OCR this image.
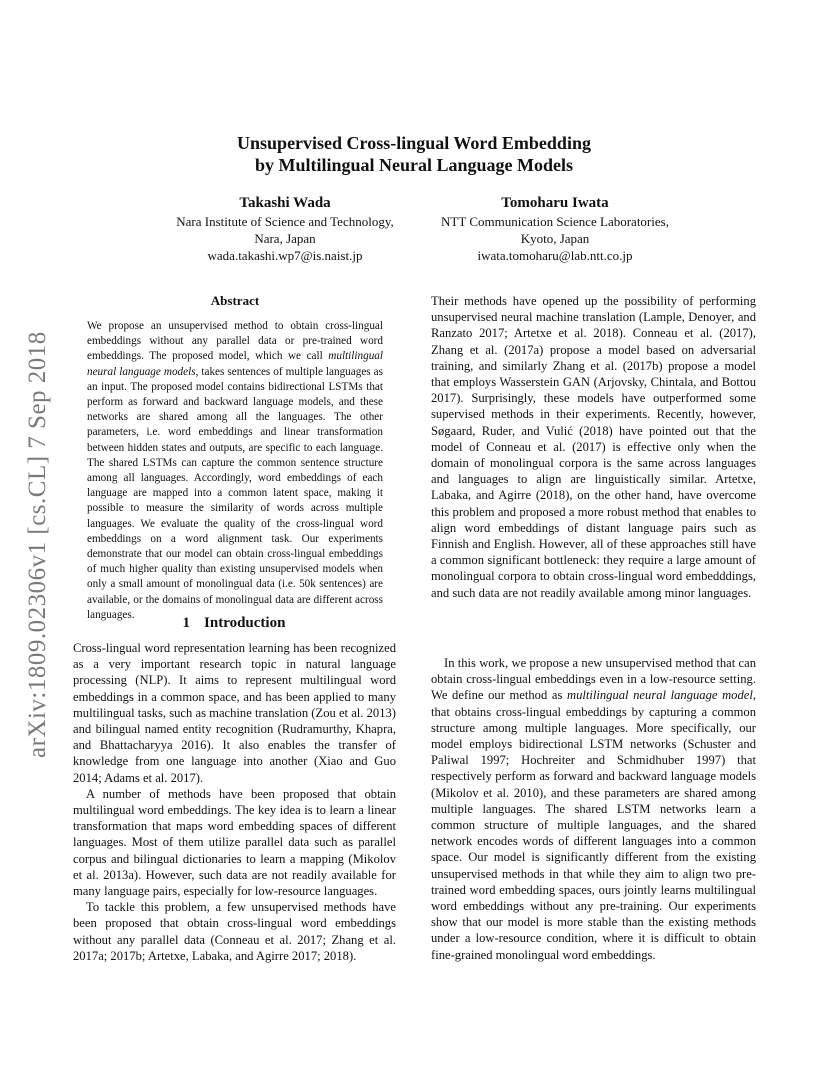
arXiv:1809.02306v1 [cs.CL] 7 Sep 2018
Unsupervised Cross-lingual Word Embedding
by Multilingual Neural Language Models
Takashi Wada
Nara Institute of Science and Technology,
Nara, Japan
wada.takashi.wp7@is.naist.jp
Tomoharu Iwata
NTT Communication Science Laboratories,
Kyoto, Japan
iwata.tomoharu@lab.ntt.co.jp
Abstract
We propose an unsupervised method to obtain cross-lingual embeddings without any parallel data or pre-trained word embeddings. The proposed model, which we call multilingual neural language models, takes sentences of multiple languages as an input. The proposed model contains bidirectional LSTMs that perform as forward and backward language models, and these networks are shared among all the languages. The other parameters, i.e. word embeddings and linear transformation between hidden states and outputs, are specific to each language. The shared LSTMs can capture the common sentence structure among all languages. Accordingly, word embeddings of each language are mapped into a common latent space, making it possible to measure the similarity of words across multiple languages. We evaluate the quality of the cross-lingual word embeddings on a word alignment task. Our experiments demonstrate that our model can obtain cross-lingual embeddings of much higher quality than existing unsupervised models when only a small amount of monolingual data (i.e. 50k sentences) are available, or the domains of monolingual data are different across languages.
1 Introduction

Cross-lingual word representation learning has been recognized as a very important research topic in natural language processing (NLP). It aims to represent multilingual word embeddings in a common space, and has been applied to many multilingual tasks, such as machine translation (Zou et al. 2013) and bilingual named entity recognition (Rudramurthy, Khapra, and Bhattacharyya 2016). It also enables the transfer of knowledge from one language into another (Xiao and Guo 2014; Adams et al. 2017).

A number of methods have been proposed that obtain multilingual word embeddings. The key idea is to learn a linear transformation that maps word embedding spaces of different languages. Most of them utilize parallel data such as parallel corpus and bilingual dictionaries to learn a mapping (Mikolov et al. 2013a). However, such data are not readily available for many language pairs, especially for low-resource languages.

To tackle this problem, a few unsupervised methods have been proposed that obtain cross-lingual word embeddings without any parallel data (Conneau et al. 2017; Zhang et al. 2017a; 2017b; Artetxe, Labaka, and Agirre 2017; 2018).

Their methods have opened up the possibility of performing unsupervised neural machine translation (Lample, Denoyer, and Ranzato 2017; Artetxe et al. 2018). Conneau et al. (2017), Zhang et al. (2017a) propose a model based on adversarial training, and similarly Zhang et al. (2017b) propose a model that employs Wasserstein GAN (Arjovsky, Chintala, and Bottou 2017). Surprisingly, these models have outperformed some supervised methods in their experiments. Recently, however, Søgaard, Ruder, and Vulić (2018) have pointed out that the model of Conneau et al. (2017) is effective only when the domain of monolingual corpora is the same across languages and languages to align are linguistically similar. Artetxe, Labaka, and Agirre (2018), on the other hand, have overcome this problem and proposed a more robust method that enables to align word embeddings of distant language pairs such as Finnish and English. However, all of these approaches still have a common significant bottleneck: they require a large amount of monolingual corpora to obtain cross-lingual word embedddings, and such data are not readily available among minor languages.

In this work, we propose a new unsupervised method that can obtain cross-lingual embeddings even in a low-resource setting. We define our method as multilingual neural language model, that obtains cross-lingual embeddings by capturing a common structure among multiple languages. More specifically, our model employs bidirectional LSTM networks (Schuster and Paliwal 1997; Hochreiter and Schmidhuber 1997) that respectively perform as forward and backward language models (Mikolov et al. 2010), and these parameters are shared among multiple languages. The shared LSTM networks learn a common structure of multiple languages, and the shared network encodes words of different languages into a common space. Our model is significantly different from the existing unsupervised methods in that while they aim to align two pre-trained word embedding spaces, ours jointly learns multilingual word embeddings without any pre-training. Our experiments show that our model is more stable than the existing methods under a low-resource condition, where it is difficult to obtain fine-grained monolingual word embeddings.
